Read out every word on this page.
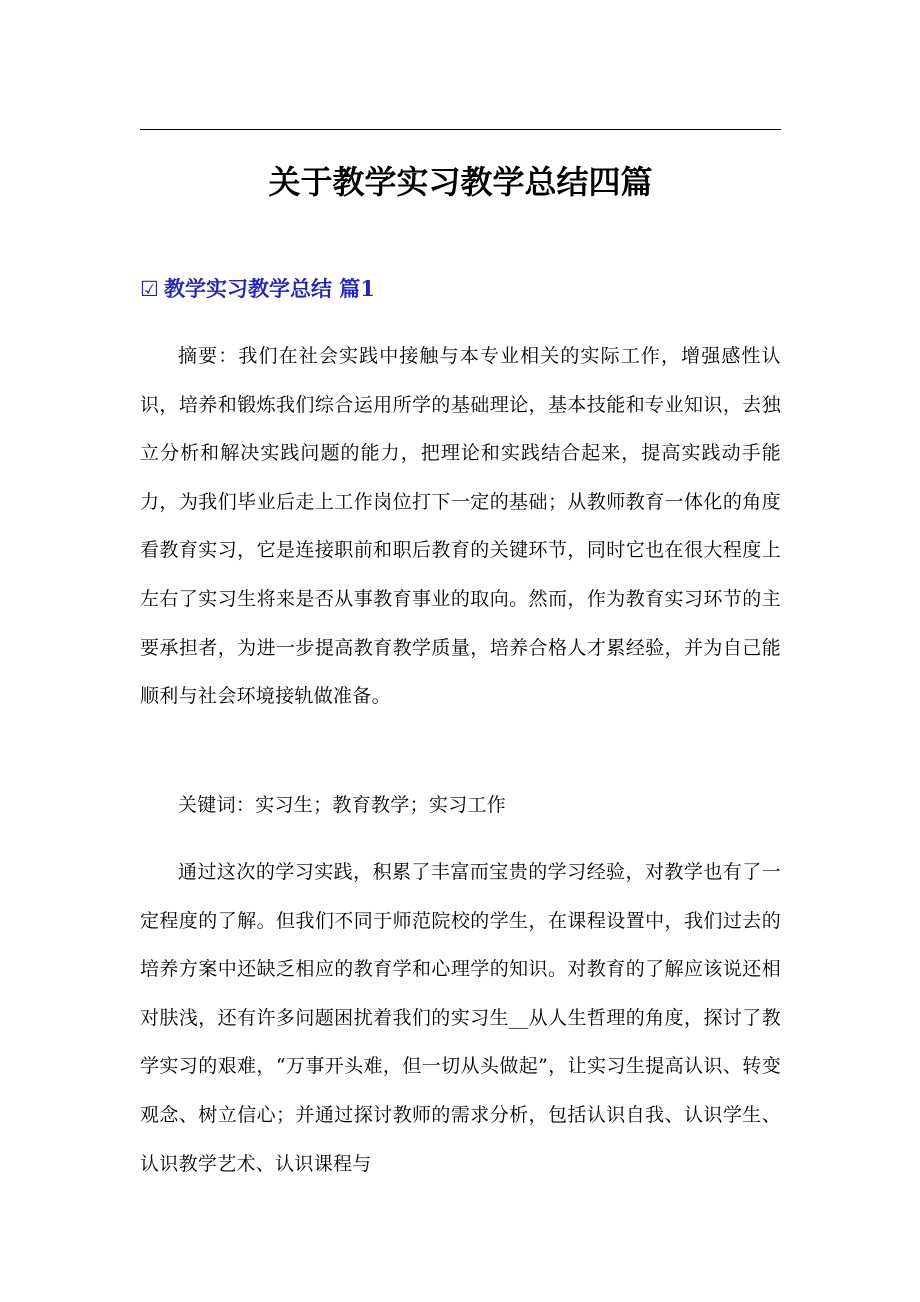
关于教学实习教学总结四篇
☑ 教学实习教学总结 篇1

摘要：我们在社会实践中接触与本专业相关的实际工作，增强感性认识，培养和锻炼我们综合运用所学的基础理论，基本技能和专业知识，去独立分析和解决实践问题的能力，把理论和实践结合起来，提高实践动手能力，为我们毕业后走上工作岗位打下一定的基础；从教师教育一体化的角度看教育实习，它是连接职前和职后教育的关键环节，同时它也在很大程度上左右了实习生将来是否从事教育事业的取向。然而，作为教育实习环节的主要承担者，为进一步提高教育教学质量，培养合格人才累经验，并为自己能顺利与社会环境接轨做准备。

关键词：实习生；教育教学；实习工作

通过这次的学习实践，积累了丰富而宝贵的学习经验，对教学也有了一定程度的了解。但我们不同于师范院校的学生，在课程设置中，我们过去的培养方案中还缺乏相应的教育学和心理学的知识。对教育的了解应该说还相对肤浅，还有许多问题困扰着我们的实习生__从人生哲理的角度，探讨了教学实习的艰难，“万事开头难，但一切从头做起”，让实习生提高认识、转变观念、树立信心；并通过探讨教师的需求分析，包括认识自我、认识学生、认识教学艺术、认识课程与
